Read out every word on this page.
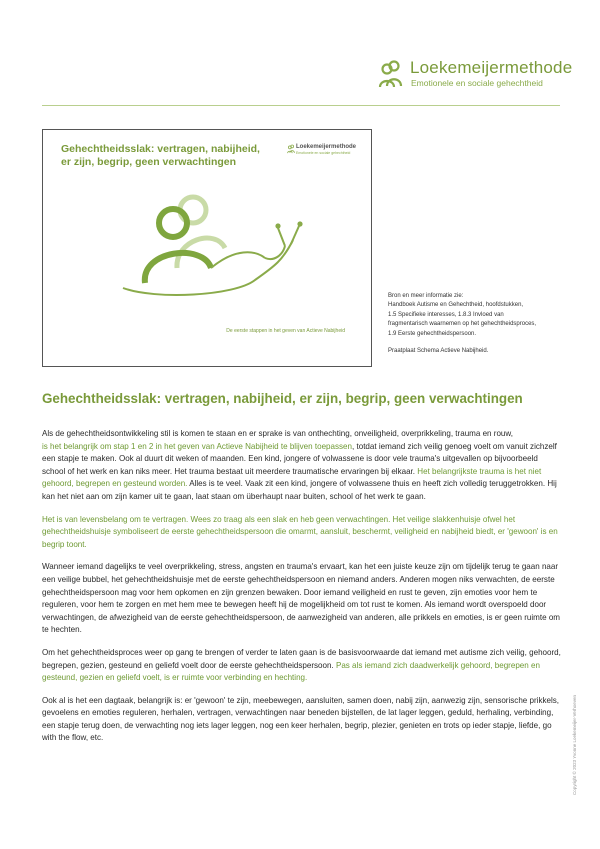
Loekemeijermethode
Emotionele en sociale gehechtheid
Gehechtheidsslak: vertragen, nabijheid, er zijn, begrip, geen verwachtingen
Loekemeijermethode
Emotionele en sociale gehechtheid
De eerste stappen in het geven van Actieve Nabijheid

Bron en meer informatie zie:

Handboek Autisme en Gehechtheid, hoofdstukken,

1.5 Specifieke interesses, 1.8.3 Invloed van

fragmentarisch waarnemen op het gehechtheidsproces,

1.9 Eerste gehechtheidspersoon.

Praatplaat Schema Actieve Nabijheid.

Gehechtheidsslak: vertragen, nabijheid, er zijn, begrip, geen verwachtingen

Als de gehechtheidsontwikkeling stil is komen te staan en er sprake is van onthechting, onveiligheid, overprikkeling, trauma en rouw,
is het belangrijk om stap 1 en 2 in het geven van Actieve Nabijheid te blijven toepassen, totdat iemand zich veilig genoeg voelt om vanuit zichzelf een stapje te maken. Ook al duurt dit weken of maanden. Een kind, jongere of volwassene is door vele trauma's uitgevallen op bijvoorbeeld school of het werk en kan niks meer. Het trauma bestaat uit meerdere traumatische ervaringen bij elkaar. Het belangrijkste trauma is het niet gehoord, begrepen en gesteund worden. Alles is te veel. Vaak zit een kind, jongere of volwassene thuis en heeft zich volledig teruggetrokken. Hij kan het niet aan om zijn kamer uit te gaan, laat staan om überhaupt naar buiten, school of het werk te gaan.

Het is van levensbelang om te vertragen. Wees zo traag als een slak en heb geen verwachtingen. Het veilige slakkenhuisje ofwel het gehechtheidshuisje symboliseert de eerste gehechtheidspersoon die omarmt, aansluit, beschermt, veiligheid en nabijheid biedt, er 'gewoon' is en begrip toont.

Wanneer iemand dagelijks te veel overprikkeling, stress, angsten en trauma's ervaart, kan het een juiste keuze zijn om tijdelijk terug te gaan naar een veilige bubbel, het gehechtheidshuisje met de eerste gehechtheidspersoon en niemand anders. Anderen mogen niks verwachten, de eerste gehechtheidspersoon mag voor hem opkomen en zijn grenzen bewaken. Door iemand veiligheid en rust te geven, zijn emoties voor hem te reguleren, voor hem te zorgen en met hem mee te bewegen heeft hij de mogelijkheid om tot rust te komen. Als iemand wordt overspoeld door verwachtingen, de afwezigheid van de eerste gehechtheidspersoon, de aanwezigheid van anderen, alle prikkels en emoties, is er geen ruimte om te hechten.

Om het gehechtheidsproces weer op gang te brengen of verder te laten gaan is de basisvoorwaarde dat iemand met autisme zich veilig, gehoord, begrepen, gezien, gesteund en geliefd voelt door de eerste gehechtheidspersoon. Pas als iemand zich daadwerkelijk gehoord, begrepen en gesteund, gezien en geliefd voelt, is er ruimte voor verbinding en hechting.

Ook al is het een dagtaak, belangrijk is: er 'gewoon' te zijn, meebewegen, aansluiten, samen doen, nabij zijn, aanwezig zijn, sensorische prikkels, gevoelens en emoties reguleren, herhalen, vertragen, verwachtingen naar beneden bijstellen, de lat lager leggen, geduld, herhaling, verbinding, een stapje terug doen, de verwachting nog iets lager leggen, nog een keer herhalen, begrip, plezier, genieten en trots op ieder stapje, liefde, go with the flow, etc.	Copyright © 2023 Yvonne Loekemeijer-Verhoeven
